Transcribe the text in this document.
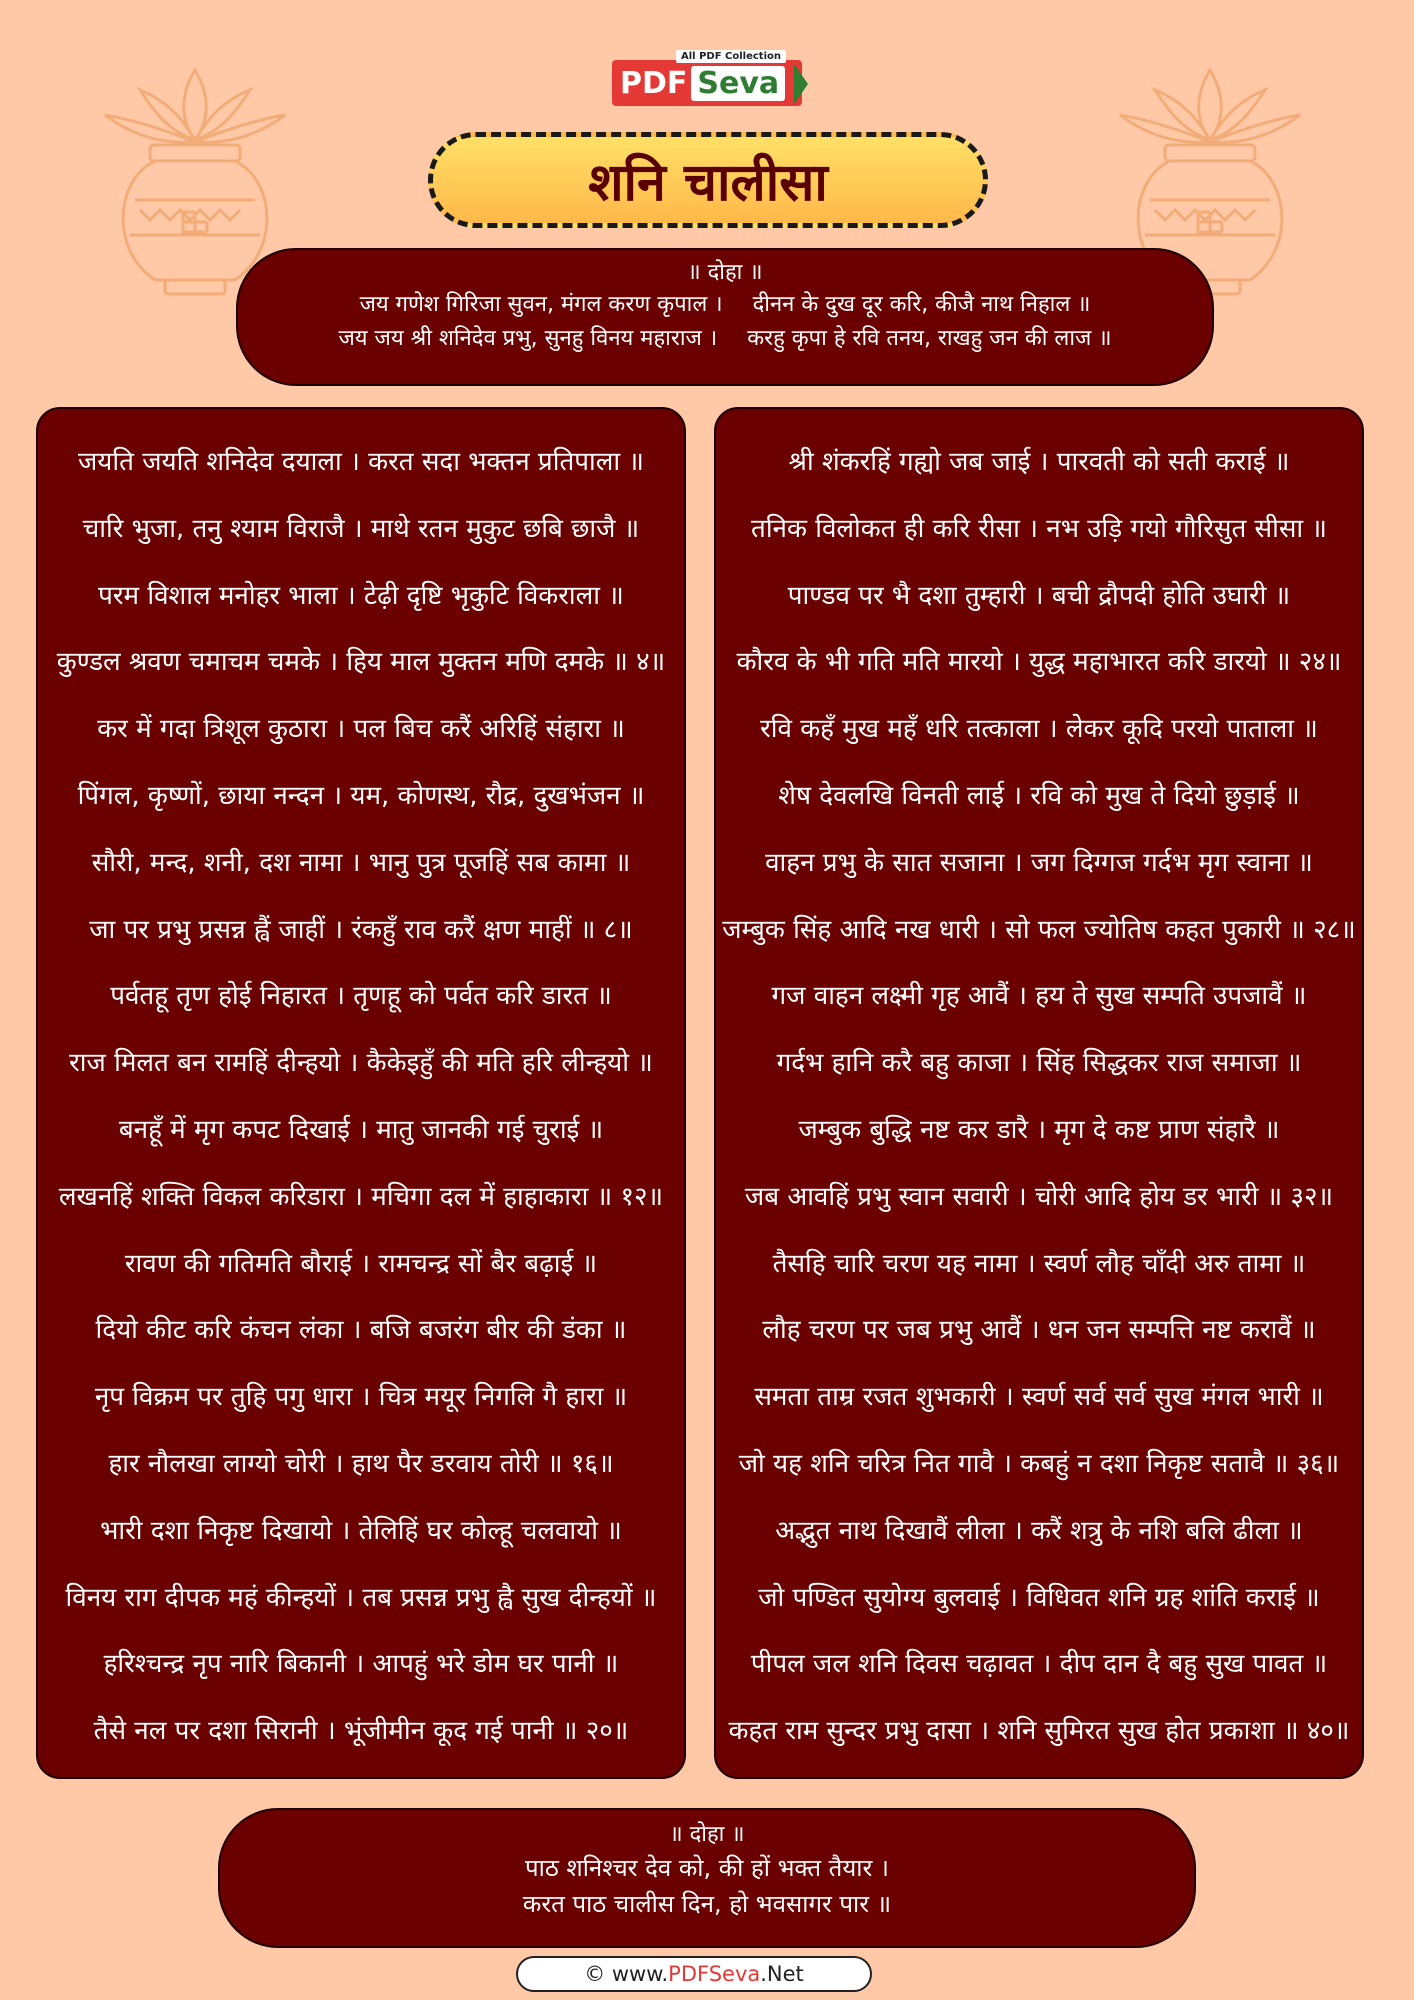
PDF Seva
All PDF Collection
शनि चालीसा
॥ दोहा ॥
जय गणेश गिरिजा सुवन, मंगल करण कृपाल । दीनन के दुख दूर करि, कीजै नाथ निहाल ॥
जय जय श्री शनिदेव प्रभु, सुनहु विनय महाराज । करहु कृपा हे रवि तनय, राखहु जन की लाज ॥
जयति जयति शनिदेव दयाला । करत सदा भक्तन प्रतिपाला ॥
चारि भुजा, तनु श्याम विराजै । माथे रतन मुकुट छबि छाजै ॥
परम विशाल मनोहर भाला । टेढ़ी दृष्टि भृकुटि विकराला ॥
कुण्डल श्रवण चमाचम चमके । हिय माल मुक्तन मणि दमके ॥ ४॥
कर में गदा त्रिशूल कुठारा । पल बिच करैं अरिहिं संहारा ॥
पिंगल, कृष्णों, छाया नन्दन । यम, कोणस्थ, रौद्र, दुखभंजन ॥
सौरी, मन्द, शनी, दश नामा । भानु पुत्र पूजहिं सब कामा ॥
जा पर प्रभु प्रसन्न ह्वैं जाहीं । रंकहुँ राव करैं क्षण माहीं ॥ ८॥
पर्वतहू तृण होई निहारत । तृणहू को पर्वत करि डारत ॥
राज मिलत बन रामहिं दीन्हयो । कैकेइहुँ की मति हरि लीन्हयो ॥
बनहूँ में मृग कपट दिखाई । मातु जानकी गई चुराई ॥
लखनहिं शक्ति विकल करिडारा । मचिगा दल में हाहाकारा ॥ १२॥
रावण की गतिमति बौराई । रामचन्द्र सों बैर बढ़ाई ॥
दियो कीट करि कंचन लंका । बजि बजरंग बीर की डंका ॥
नृप विक्रम पर तुहि पगु धारा । चित्र मयूर निगलि गै हारा ॥
हार नौलखा लाग्यो चोरी । हाथ पैर डरवाय तोरी ॥ १६॥
भारी दशा निकृष्ट दिखायो । तेलिहिं घर कोल्हू चलवायो ॥
विनय राग दीपक महं कीन्हयों । तब प्रसन्न प्रभु ह्वै सुख दीन्हयों ॥
हरिश्चन्द्र नृप नारि बिकानी । आपहुं भरे डोम घर पानी ॥
तैसे नल पर दशा सिरानी । भूंजीमीन कूद गई पानी ॥ २०॥
श्री शंकरहिं गह्यो जब जाई । पारवती को सती कराई ॥
तनिक विलोकत ही करि रीसा । नभ उड़ि गयो गौरिसुत सीसा ॥
पाण्डव पर भै दशा तुम्हारी । बची द्रौपदी होति उघारी ॥
कौरव के भी गति मति मारयो । युद्ध महाभारत करि डारयो ॥ २४॥
रवि कहँ मुख महँ धरि तत्काला । लेकर कूदि परयो पाताला ॥
शेष देवलखि विनती लाई । रवि को मुख ते दियो छुड़ाई ॥
वाहन प्रभु के सात सजाना । जग दिग्गज गर्दभ मृग स्वाना ॥
जम्बुक सिंह आदि नख धारी । सो फल ज्योतिष कहत पुकारी ॥ २८॥
गज वाहन लक्ष्मी गृह आवैं । हय ते सुख सम्पति उपजावैं ॥
गर्दभ हानि करै बहु काजा । सिंह सिद्धकर राज समाजा ॥
जम्बुक बुद्धि नष्ट कर डारै । मृग दे कष्ट प्राण संहारै ॥
जब आवहिं प्रभु स्वान सवारी । चोरी आदि होय डर भारी ॥ ३२॥
तैसहि चारि चरण यह नामा । स्वर्ण लौह चाँदी अरु तामा ॥
लौह चरण पर जब प्रभु आवैं । धन जन सम्पत्ति नष्ट करावैं ॥
समता ताम्र रजत शुभकारी । स्वर्ण सर्व सर्व सुख मंगल भारी ॥
जो यह शनि चरित्र नित गावै । कबहुं न दशा निकृष्ट सतावै ॥ ३६॥
अद्भुत नाथ दिखावैं लीला । करैं शत्रु के नशि बलि ढीला ॥
जो पण्डित सुयोग्य बुलवाई । विधिवत शनि ग्रह शांति कराई ॥
पीपल जल शनि दिवस चढ़ावत । दीप दान दै बहु सुख पावत ॥
कहत राम सुन्दर प्रभु दासा । शनि सुमिरत सुख होत प्रकाशा ॥ ४०॥
॥ दोहा ॥
पाठ शनिश्चर देव को, की हों भक्त तैयार ।
करत पाठ चालीस दिन, हो भवसागर पार ॥
© www. PDFSeva .Net
